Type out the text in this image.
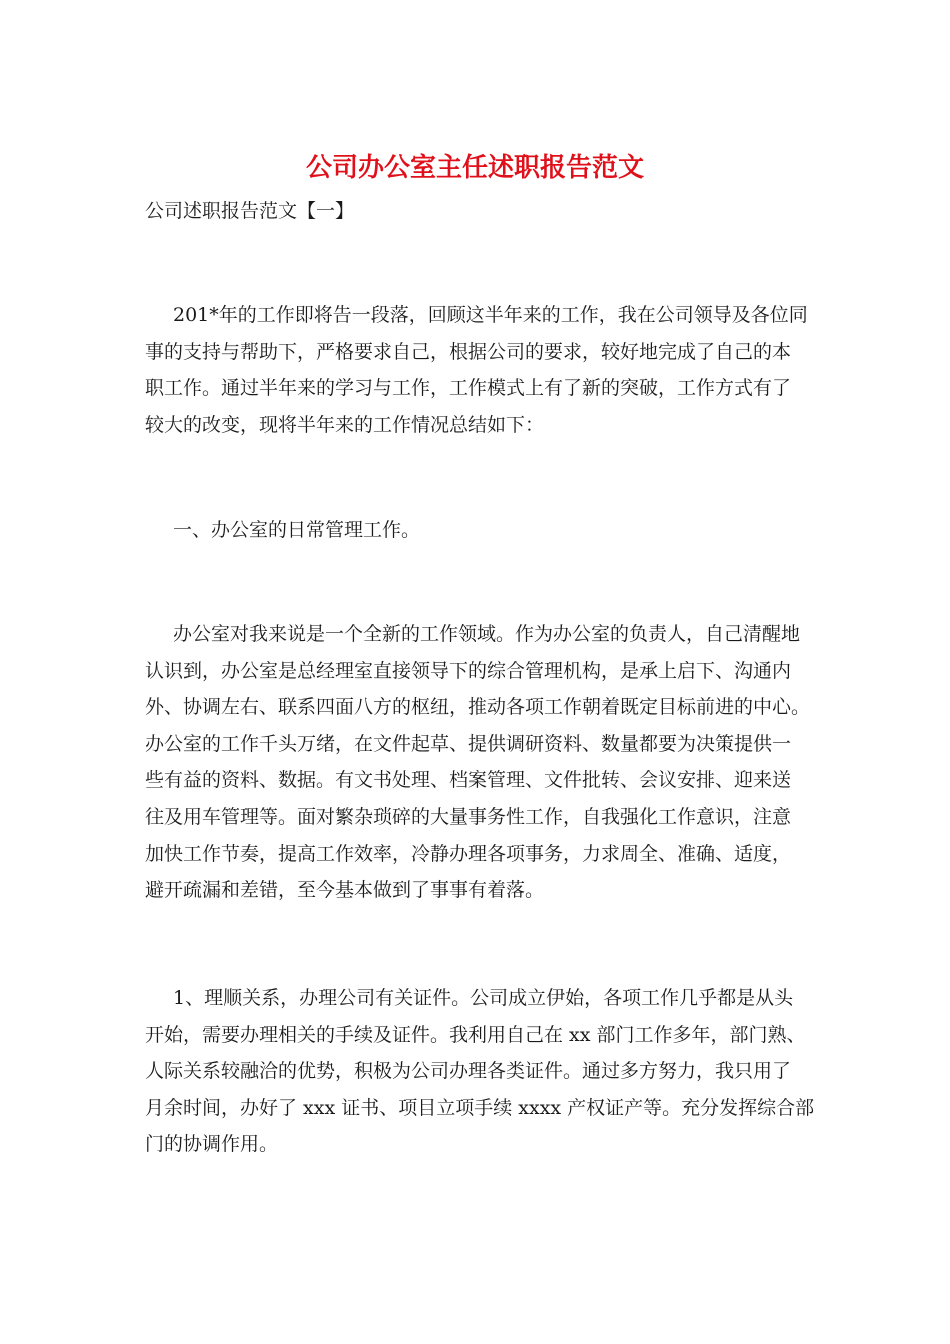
公司办公室主任述职报告范文
公司述职报告范文【一】
201*年的工作即将告一段落，回顾这半年来的工作，我在公司领导及各位同
事的支持与帮助下，严格要求自己，根据公司的要求，较好地完成了自己的本
职工作。通过半年来的学习与工作，工作模式上有了新的突破，工作方式有了
较大的改变，现将半年来的工作情况总结如下：
一、办公室的日常管理工作。
办公室对我来说是一个全新的工作领域。作为办公室的负责人，自己清醒地
认识到，办公室是总经理室直接领导下的综合管理机构，是承上启下、沟通内
外、协调左右、联系四面八方的枢纽，推动各项工作朝着既定目标前进的中心。
办公室的工作千头万绪，在文件起草、提供调研资料、数量都要为决策提供一
些有益的资料、数据。有文书处理、档案管理、文件批转、会议安排、迎来送
往及用车管理等。面对繁杂琐碎的大量事务性工作，自我强化工作意识，注意
加快工作节奏，提高工作效率，冷静办理各项事务，力求周全、准确、适度，
避开疏漏和差错，至今基本做到了事事有着落。
1、理顺关系，办理公司有关证件。公司成立伊始，各项工作几乎都是从头
开始，需要办理相关的手续及证件。我利用自己在 xx 部门工作多年，部门熟、
人际关系较融洽的优势，积极为公司办理各类证件。通过多方努力，我只用了
月余时间，办好了 xxx 证书、项目立项手续 xxxx 产权证产等。充分发挥综合部
门的协调作用。
